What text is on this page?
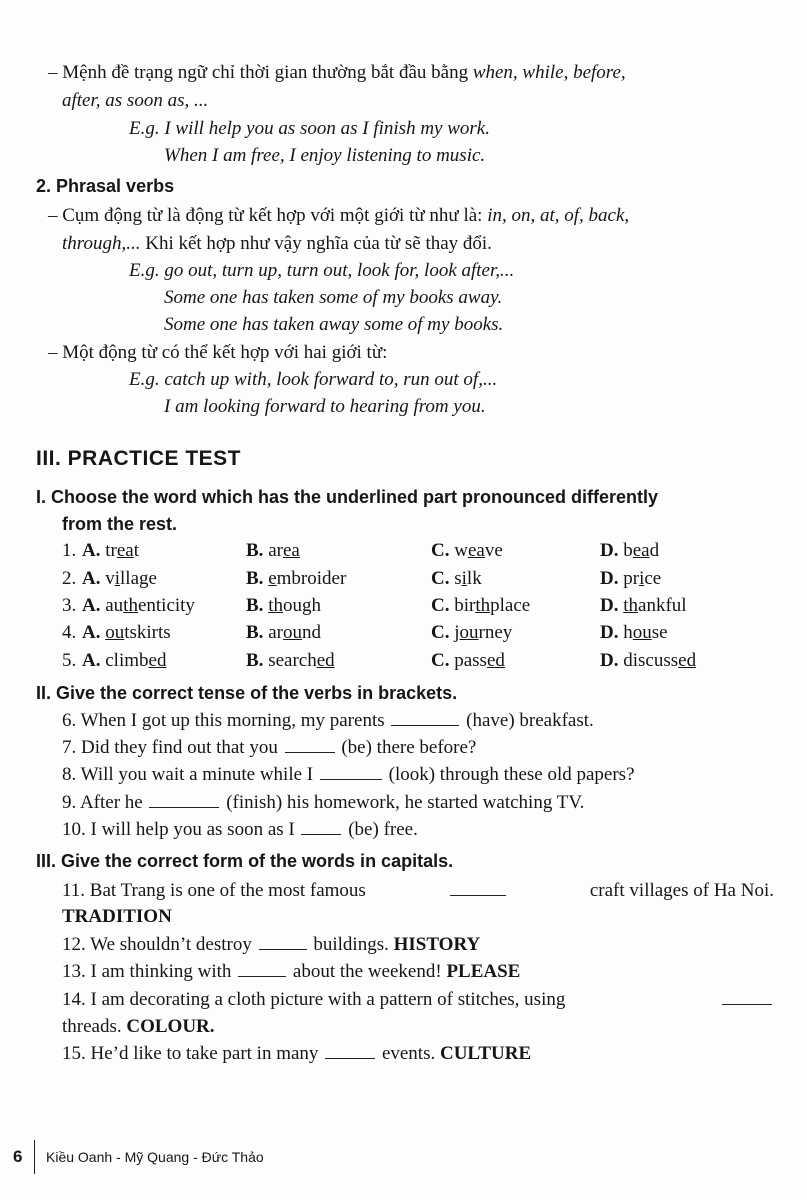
– Mệnh đề trạng ngữ chỉ thời gian thường bắt đầu bằng when, while, before,
after, as soon as, ...
E.g. I will help you as soon as I finish my work.
When I am free, I enjoy listening to music.
2. Phrasal verbs
– Cụm động từ là động từ kết hợp với một giới từ như là: in, on, at, of, back,
through,... Khi kết hợp như vậy nghĩa của từ sẽ thay đổi.
E.g. go out, turn up, turn out, look for, look after,...
Some one has taken some of my books away.
Some one has taken away some of my books.
– Một động từ có thể kết hợp với hai giới từ:
E.g. catch up with, look forward to, run out of,...
I am looking forward to hearing from you.
III. PRACTICE TEST
I. Choose the word which has the underlined part pronounced differently
from the rest.
1. A. treat	B. area	C. weave	D. bead
2. A. village	B. embroider	C. silk	D. price
3. A. authenticity	B. though	C. birthplace	D. thankful
4. A. outskirts	B. around	C. journey	D. house
5. A. climbed	B. searched	C. passed	D. discussed
II. Give the correct tense of the verbs in brackets.
6. When I got up this morning, my parents	(have) breakfast.
7. Did they find out that you	(be) there before?
8. Will you wait a minute while I	(look) through these old papers?
9. After he	(finish) his homework, he started watching TV.
10. I will help you as soon as I  (be) free.
III. Give the correct form of the words in capitals.
11. Bat Trang is one of the most famous	craft villages of Ha Noi.
TRADITION
12. We shouldn’t destroy	buildings. HISTORY
13. I am thinking with	about the weekend! PLEASE
14. I am decorating a cloth picture with a pattern of stitches, using
threads. COLOUR.
15. He’d like to take part in many	events. CULTURE
6 Kiều Oanh - Mỹ Quang - Đức Thảo
